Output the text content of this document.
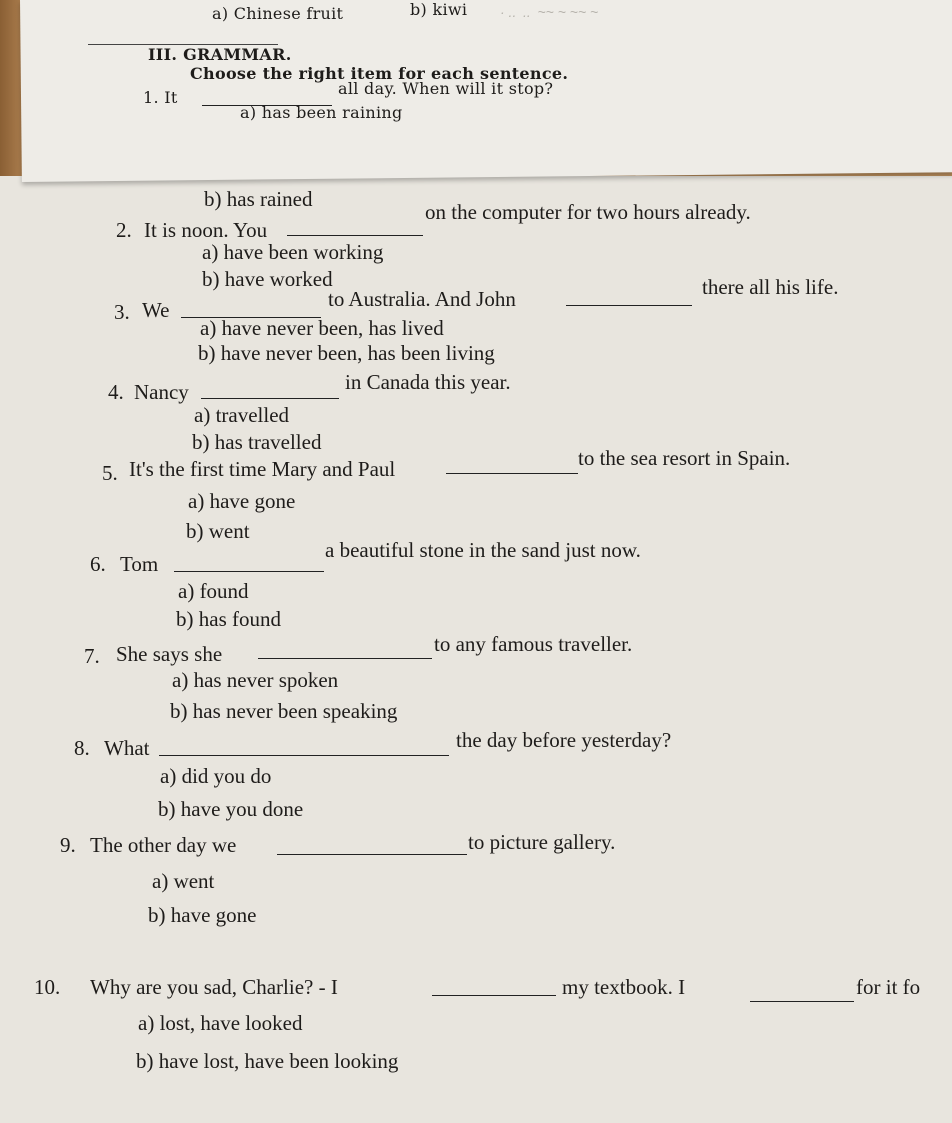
· ..  ..  ~~ ~ ~~ ~
a) Chinese fruit	b) kiwi
III. GRAMMAR.
Choose the right item for each sentence.
1. It	all day. When will it stop?
a) has been raining
b) has rained
2. It is noon. You
on the computer for two hours already.
a) have been working
b) have worked
3. We	to Australia. And John	there all his life.
a) have never been, has lived
b) have never been, has been living
4. Nancy	in Canada this year.
a) travelled
b) has travelled
5. It's the first time Mary and Paul	to the sea resort in Spain.
a) have gone
b) went
6. Tom
a beautiful stone in the sand just now.
a) found
b) has found
7. She says she	to any famous traveller.
a) has never spoken
b) has never been speaking
8. What	the day before yesterday?
a) did you do
b) have you done
9. The other day we	to picture gallery.
a) went
b) have gone
10. Why are you sad, Charlie? - I	my textbook. I	for it fo
a) lost, have looked
b) have lost, have been looking
